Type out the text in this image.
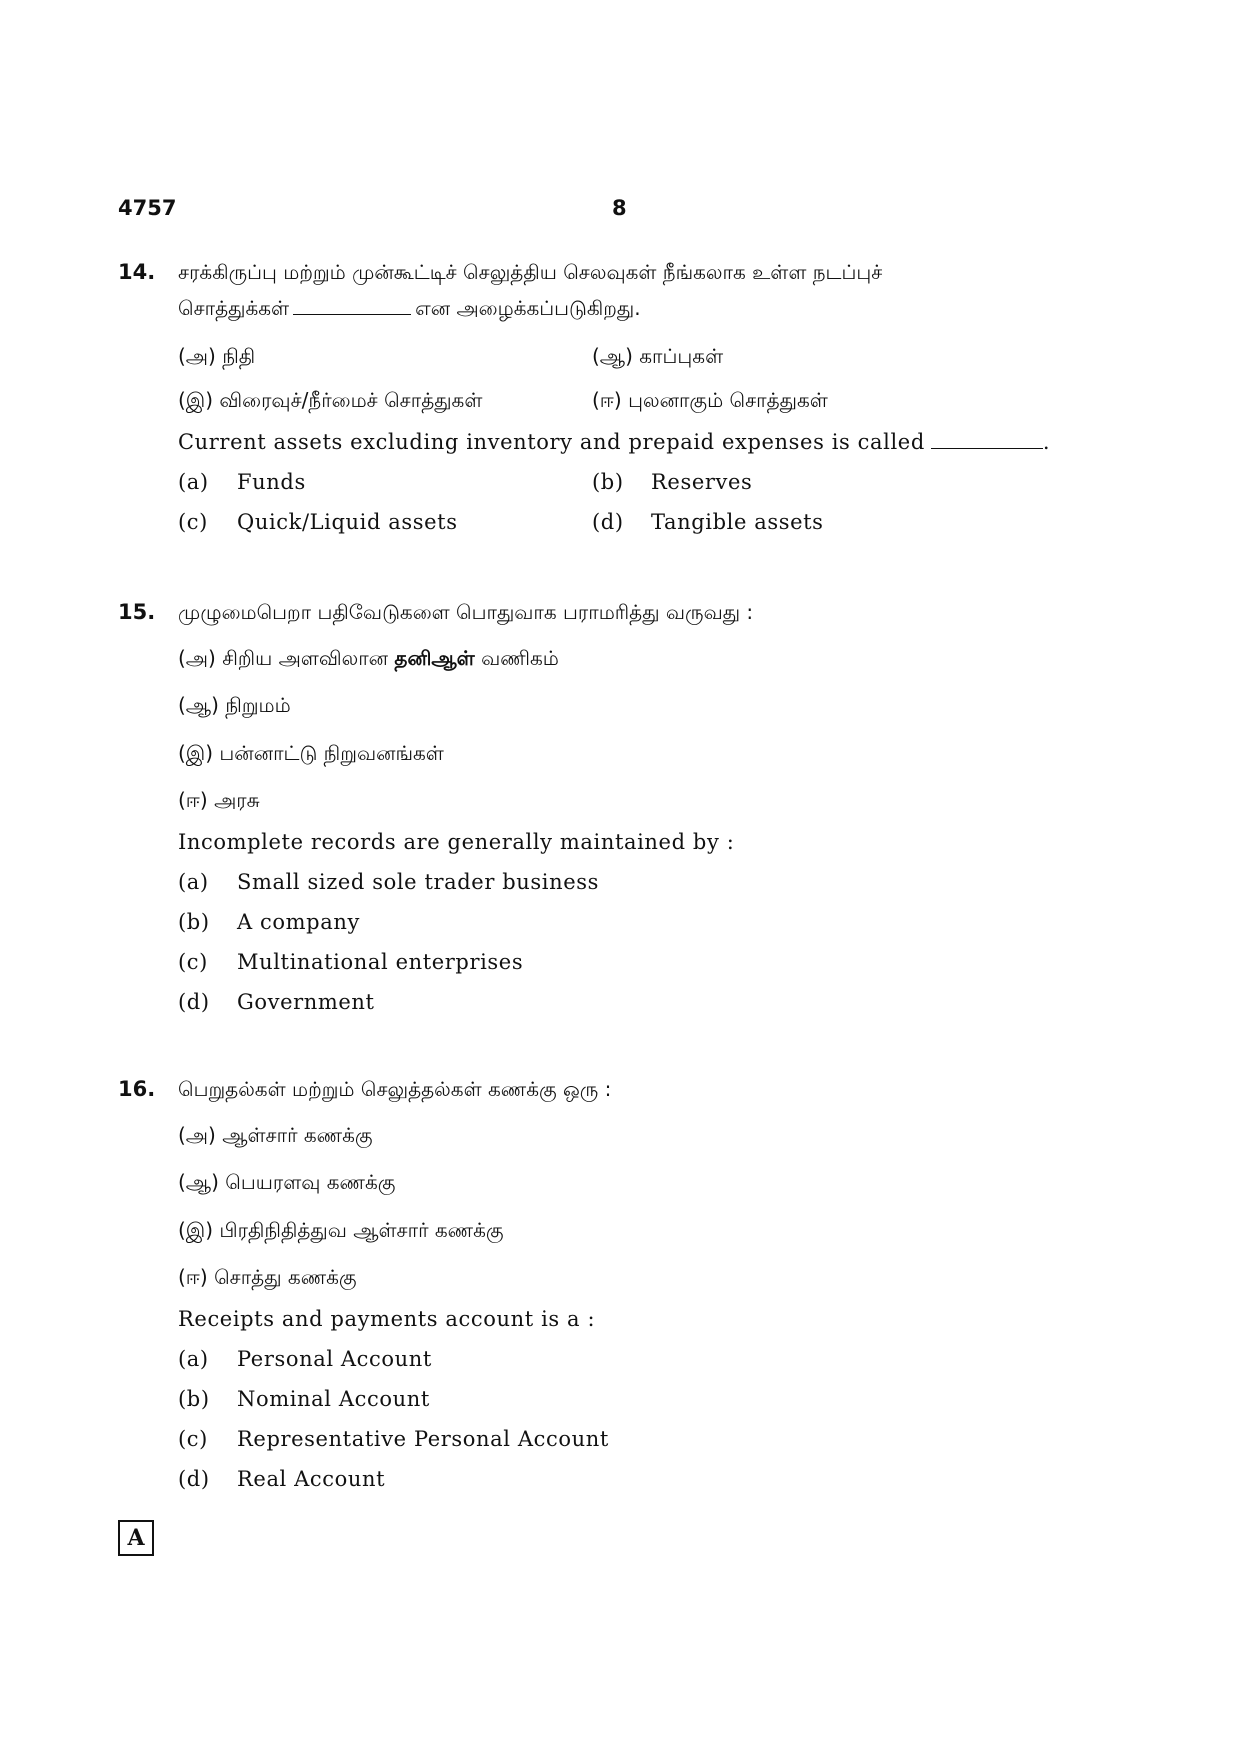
4757	8
14. சரக்கிருப்பு மற்றும் முன்கூட்டிச் செலுத்திய செலவுகள் நீங்கலாக உள்ள நடப்புச்
சொத்துக்கள்	என அழைக்கப்படுகிறது.
(அ) நிதி	(ஆ) காப்புகள்
(இ) விரைவுச்/நீர்மைச் சொத்துகள்	(ஈ) புலனாகும் சொத்துகள்
Current assets excluding inventory and prepaid expenses is called	.
(a) Funds	(b) Reserves
(c) Quick/Liquid assets	(d) Tangible assets
15. முழுமைபெறா பதிவேடுகளை பொதுவாக பராமரித்து வருவது :
(அ) சிறிய அளவிலான தனிஆள் வணிகம்
(ஆ) நிறுமம்
(இ) பன்னாட்டு நிறுவனங்கள்
(ஈ) அரசு
Incomplete records are generally maintained by :
(a) Small sized sole trader business
(b) A company
(c) Multinational enterprises
(d) Government
16. பெறுதல்கள் மற்றும் செலுத்தல்கள் கணக்கு ஒரு :
(அ) ஆள்சார் கணக்கு
(ஆ) பெயரளவு கணக்கு
(இ) பிரதிநிதித்துவ ஆள்சார் கணக்கு
(ஈ) சொத்து கணக்கு
Receipts and payments account is a :
(a) Personal Account
(b) Nominal Account
(c) Representative Personal Account
(d) Real Account
A
